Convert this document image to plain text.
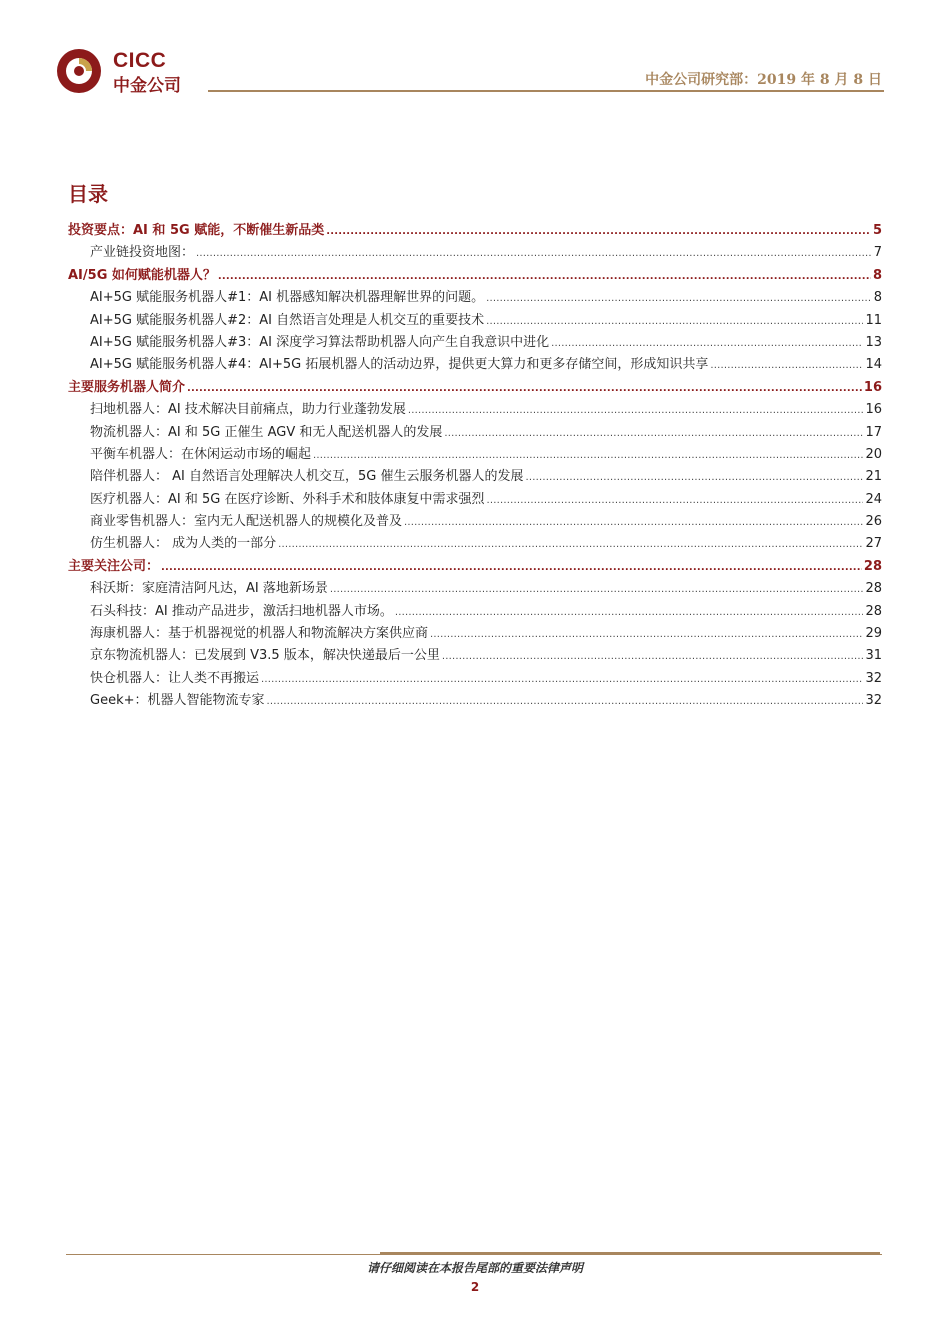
CICC
中金公司	中金公司研究部：2019 年 8 月 8 日
目录
投资要点：AI 和 5G 赋能，不断催生新品类 .....	5
产业链投资地图： .....	7
AI/5G 如何赋能机器人？ .....	8
AI+5G 赋能服务机器人#1：AI 机器感知解决机器理解世界的问题。 .....	8
AI+5G 赋能服务机器人#2：AI 自然语言处理是人机交互的重要技术 .....	11
AI+5G 赋能服务机器人#3：AI 深度学习算法帮助机器人向产生自我意识中进化 .....	13
AI+5G 赋能服务机器人#4：AI+5G 拓展机器人的活动边界，提供更大算力和更多存储空间，形成知识共享 .....	14
主要服务机器人简介 .....	16
扫地机器人：AI 技术解决目前痛点，助力行业蓬勃发展 .....	16
物流机器人：AI 和 5G 正催生 AGV 和无人配送机器人的发展 .....	17
平衡车机器人：在休闲运动市场的崛起 .....	20
陪伴机器人： AI 自然语言处理解决人机交互，5G 催生云服务机器人的发展 .....	21
医疗机器人：AI 和 5G 在医疗诊断、外科手术和肢体康复中需求强烈 .....	24
商业零售机器人：室内无人配送机器人的规模化及普及 .....	26
仿生机器人： 成为人类的一部分 .....	27
主要关注公司： .....	28
科沃斯：家庭清洁阿凡达，AI 落地新场景 .....	28
石头科技：AI 推动产品进步，激活扫地机器人市场。 .....	28
海康机器人：基于机器视觉的机器人和物流解决方案供应商 .....	29
京东物流机器人：已发展到 V3.5 版本，解决快递最后一公里 .....	31
快仓机器人：让人类不再搬运 .....	32
Geek+：机器人智能物流专家 .....	32
请仔细阅读在本报告尾部的重要法律声明
2
